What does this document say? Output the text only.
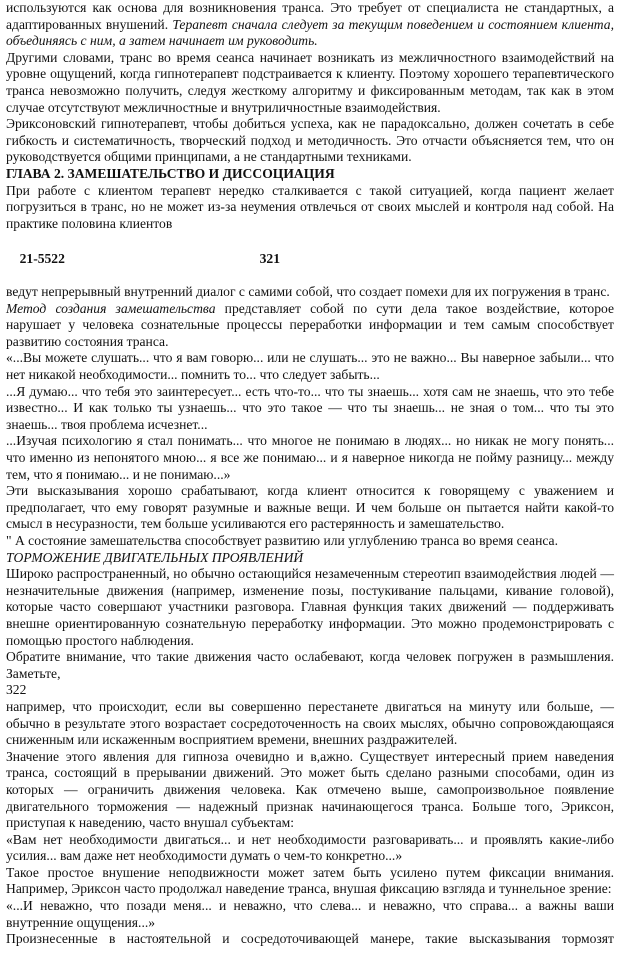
используются как основа для возникновения транса. Это требует от специалиста не стандартных, а адаптированных внушений. Терапевт сначала следует за текущим поведением и состоянием клиента, объединяясь с ним, а затем начинает им руководить.

Другими словами, транс во время сеанса начинает возникать из межличностного взаимодействий на уровне ощущений, когда гипнотерапевт подстраивается к клиенту. Поэтому хорошего терапевтического транса невозможно получить, следуя жесткому алгоритму и фиксированным методам, так как в этом случае отсутствуют межличностные и внутриличностные взаимодействия.

Эриксоновский гипнотерапевт, чтобы добиться успеха, как не парадоксально, должен сочетать в себе гибкость и систематичность, творческий подход и методичность. Это отчасти объясняется тем, что он руководствуется общими принципами, а не стандартными техниками.

ГЛАВА 2. ЗАМЕШАТЕЛЬСТВО И ДИССОЦИАЦИЯ

При работе с клиентом терапевт нередко сталкивается с такой ситуацией, когда пациент желает погрузиться в транс, но не может из-за неумения отвлечься от своих мыслей и контроля над собой. На практике половина клиентов

21-5522	321

ведут непрерывный внутренний диалог с самими собой, что создает помехи для их погружения в транс.

Метод создания замешательства представляет собой по сути дела такое воздействие, которое нарушает у человека сознательные процессы переработки информации и тем самым способствует развитию состояния транса.

«...Вы можете слушать... что я вам говорю... или не слушать... это не важно... Вы наверное забыли... что нет никакой необходимости... помнить то... что следует забыть...

...Я думаю... что тебя это заинтересует... есть что-то... что ты знаешь... хотя сам не знаешь, что это тебе известно... И как только ты узнаешь... что это такое — что ты знаешь... не зная о том... что ты это знаешь... твоя проблема исчезнет...

...Изучая психологию я стал понимать... что многое не понимаю в людях... но никак не могу понять... что именно из непонятого мною... я все же понимаю... и я наверное никогда не пойму разницу... между тем, что я понимаю... и не понимаю...»

Эти высказывания хорошо срабатывают, когда клиент относится к говорящему с уважением и предполагает, что ему говорят разумные и важные вещи. И чем больше он пытается найти какой-то смысл в несуразности, тем больше усиливаются его растерянность и замешательство.

" А состояние замешательства способствует развитию или углублению транса во время сеанса.

ТОРМОЖЕНИЕ ДВИГАТЕЛЬНЫХ ПРОЯВЛЕНИЙ

Широко распространенный, но обычно остающийся незамеченным стереотип взаимодействия людей — незначительные движения (например, изменение позы, постукивание пальцами, кивание головой), которые часто совершают участники разговора. Главная функция таких движений — поддерживать внешне ориентированную сознательную переработку информации. Это можно продемонстрировать с помощью простого наблюдения.

Обратите внимание, что такие движения часто ослабевают, когда человек погружен в размышления. Заметьте,

322

например, что происходит, если вы совершенно перестанете двигаться на минуту или больше, — обычно в результате этого возрастает сосредоточенность на своих мыслях, обычно сопровождающаяся сниженным или искаженным восприятием времени, внешних раздражителей.

Значение этого явления для гипноза очевидно и в,ажно. Существует интересный прием наведения транса, состоящий в прерывании движений. Это может быть сделано разными способами, один из которых — ограничить движения человека. Как отмечено выше, самопроизвольное появление двигательного торможения — надежный признак начинающегося транса. Больше того, Эриксон, приступая к наведению, часто внушал субъектам:

«Вам нет необходимости двигаться... и нет необходимости разговаривать... и проявлять какие-либо усилия... вам даже нет необходимости думать о чем-то конкретно...»

Такое простое внушение неподвижности может затем быть усилено путем фиксации внимания. Например, Эриксон часто продолжал наведение транса, внушая фиксацию взгляда и туннельное зрение:

«...И неважно, что позади меня... и неважно, что слева... и неважно, что справа... а важны ваши внутренние ощущения...»

Произнесенные в настоятельной и сосредоточивающей манере, такие высказывания тормозят
